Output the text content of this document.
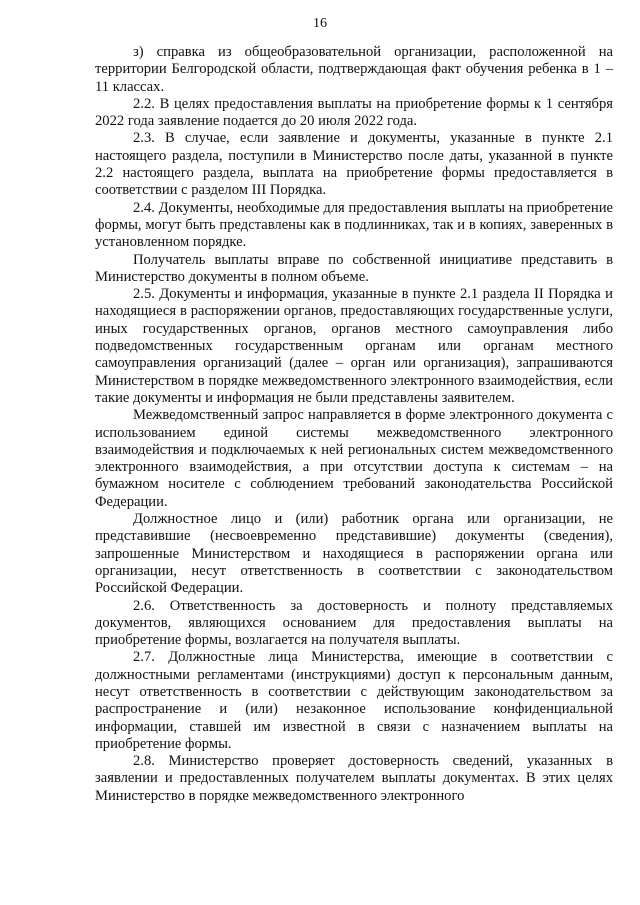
16

з) справка из общеобразовательной организации, расположенной на территории Белгородской области, подтверждающая факт обучения ребенка в 1 – 11 классах.

2.2. В целях предоставления выплаты на приобретение формы к 1 сентября 2022 года заявление подается до 20 июля 2022 года.

2.3. В случае, если заявление и документы, указанные в пункте 2.1 настоящего раздела, поступили в Министерство после даты, указанной в пункте 2.2 настоящего раздела, выплата на приобретение формы предоставляется в соответствии с разделом III Порядка.

2.4. Документы, необходимые для предоставления выплаты на приобретение формы, могут быть представлены как в подлинниках, так и в копиях, заверенных в установленном порядке.

Получатель выплаты вправе по собственной инициативе представить в Министерство документы в полном объеме.

2.5. Документы и информация, указанные в пункте 2.1 раздела II Порядка и находящиеся в распоряжении органов, предоставляющих государственные услуги, иных государственных органов, органов местного самоуправления либо подведомственных государственным органам или органам местного самоуправления организаций (далее – орган или организация), запрашиваются Министерством в порядке межведомственного электронного взаимодействия, если такие документы и информация не были представлены заявителем.

Межведомственный запрос направляется в форме электронного документа с использованием единой системы межведомственного электронного взаимодействия и подключаемых к ней региональных систем межведомственного электронного взаимодействия, а при отсутствии доступа к системам – на бумажном носителе с соблюдением требований законодательства Российской Федерации.

Должностное лицо и (или) работник органа или организации, не представившие (несвоевременно представившие) документы (сведения), запрошенные Министерством и находящиеся в распоряжении органа или организации, несут ответственность в соответствии с законодательством Российской Федерации.

2.6. Ответственность за достоверность и полноту представляемых документов, являющихся основанием для предоставления выплаты на приобретение формы, возлагается на получателя выплаты.

2.7. Должностные лица Министерства, имеющие в соответствии с должностными регламентами (инструкциями) доступ к персональным данным, несут ответственность в соответствии с действующим законодательством за распространение и (или) незаконное использование конфиденциальной информации, ставшей им известной в связи с назначением выплаты на приобретение формы.

2.8. Министерство проверяет достоверность сведений, указанных в заявлении и предоставленных получателем выплаты документах. В этих целях Министерство в порядке межведомственного электронного
